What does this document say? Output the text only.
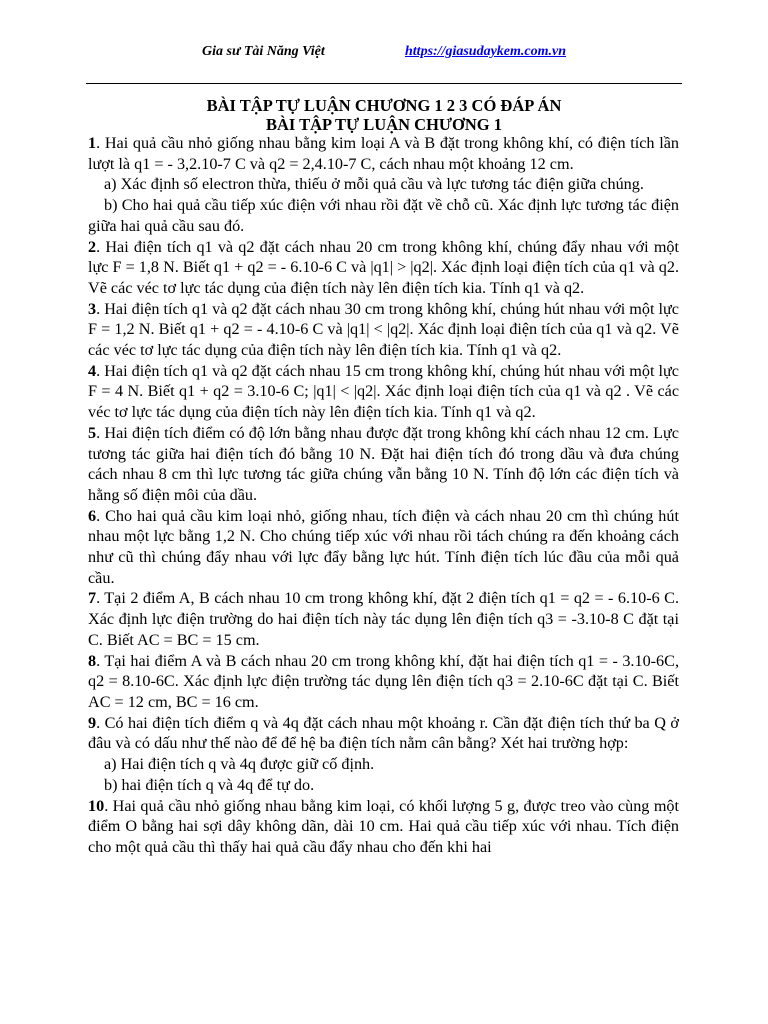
Gia sư Tài Năng Việt	https://giasudaykem.com.vn
BÀI TẬP TỰ LUẬN CHƯƠNG 1 2 3 CÓ ĐÁP ÁN
BÀI TẬP TỰ LUẬN CHƯƠNG 1

1. Hai quả cầu nhỏ giống nhau bằng kim loại A và B đặt trong không khí, có điện tích lần lượt là q1 = - 3,2.10-7 C và q2 = 2,4.10-7 C, cách nhau một khoảng 12 cm.

a) Xác định số electron thừa, thiếu ở mỗi quả cầu và lực tương tác điện giữa chúng.

b) Cho hai quả cầu tiếp xúc điện với nhau rồi đặt về chỗ cũ. Xác định lực tương tác điện giữa hai quả cầu sau đó.

2. Hai điện tích q1 và q2 đặt cách nhau 20 cm trong không khí, chúng đẩy nhau với một lực F = 1,8 N. Biết q1 + q2 = - 6.10-6 C và |q1| > |q2|. Xác định loại điện tích của q1 và q2. Vẽ các véc tơ lực tác dụng của điện tích này lên điện tích kia. Tính q1 và q2.

3. Hai điện tích q1 và q2 đặt cách nhau 30 cm trong không khí, chúng hút nhau với một lực F = 1,2 N. Biết q1 + q2 = - 4.10-6 C và |q1| < |q2|. Xác định loại điện tích của q1 và q2. Vẽ các véc tơ lực tác dụng của điện tích này lên điện tích kia. Tính q1 và q2.

4. Hai điện tích q1 và q2 đặt cách nhau 15 cm trong không khí, chúng hút nhau với một lực F = 4 N. Biết q1 + q2 = 3.10-6 C; |q1| < |q2|. Xác định loại điện tích của q1 và q2 . Vẽ các véc tơ lực tác dụng của điện tích này lên điện tích kia. Tính q1 và q2.

5. Hai điện tích điểm có độ lớn bằng nhau được đặt trong không khí cách nhau 12 cm. Lực tương tác giữa hai điện tích đó bằng 10 N. Đặt hai điện tích đó trong dầu và đưa chúng cách nhau 8 cm thì lực tương tác giữa chúng vẫn bằng 10 N. Tính độ lớn các điện tích và hằng số điện môi của dầu.

6. Cho hai quả cầu kim loại nhỏ, giống nhau, tích điện và cách nhau 20 cm thì chúng hút nhau một lực bằng 1,2 N. Cho chúng tiếp xúc với nhau rồi tách chúng ra đến khoảng cách như cũ thì chúng đẩy nhau với lực đẩy bằng lực hút. Tính điện tích lúc đầu của mỗi quả cầu.

7. Tại 2 điểm A, B cách nhau 10 cm trong không khí, đặt 2 điện tích q1 = q2 = - 6.10-6 C. Xác định lực điện trường do hai điện tích này tác dụng lên điện tích q3 = -3.10-8 C đặt tại C. Biết AC = BC = 15 cm.

8. Tại hai điểm A và B cách nhau 20 cm trong không khí, đặt hai điện tích q1 = - 3.10-6C, q2 = 8.10-6C. Xác định lực điện trường tác dụng lên điện tích q3 = 2.10-6C đặt tại C. Biết AC = 12 cm, BC = 16 cm.

9. Có hai điện tích điểm q và 4q đặt cách nhau một khoảng r. Cần đặt điện tích thứ ba Q ở đâu và có dấu như thế nào để để hệ ba điện tích nằm cân bằng? Xét hai trường hợp:

a) Hai điện tích q và 4q được giữ cố định.

b) hai điện tích q và 4q để tự do.

10. Hai quả cầu nhỏ giống nhau bằng kim loại, có khối lượng 5 g, được treo vào cùng một điểm O bằng hai sợi dây không dãn, dài 10 cm. Hai quả cầu tiếp xúc với nhau. Tích điện cho một quả cầu thì thấy hai quả cầu đẩy nhau cho đến khi hai
